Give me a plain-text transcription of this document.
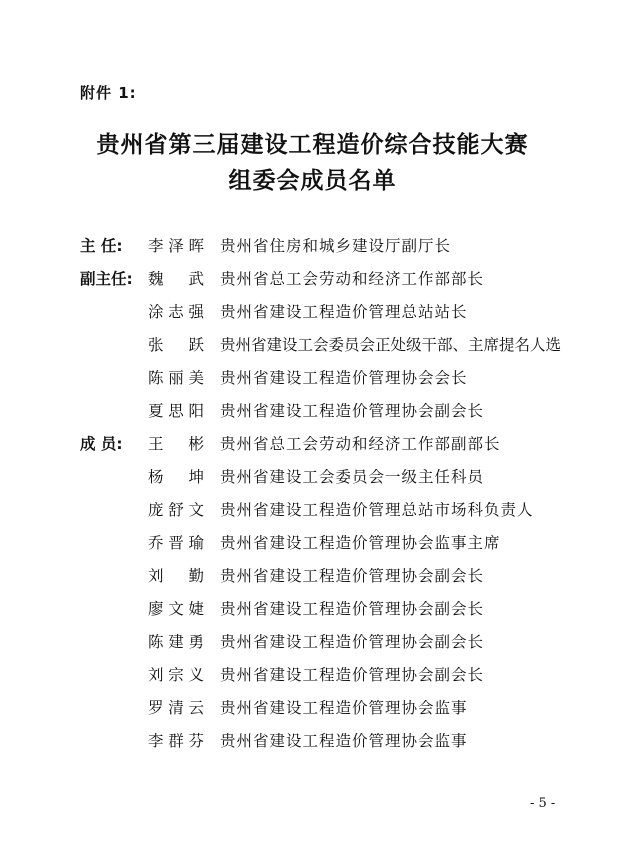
附件 1:
贵州省第三届建设工程造价综合技能大赛
组委会成员名单
主 任:	李 泽 晖 贵州省住房和城乡建设厅副厅长
副主任: 魏 武 贵州省总工会劳动和经济工作部部长
涂 志 强 贵州省建设工程造价管理总站站长
张 跃 贵州省建设工会委员会正处级干部、主席提名人选
陈 丽 美 贵州省建设工程造价管理协会会长
夏 思 阳 贵州省建设工程造价管理协会副会长
成 员:	王 彬 贵州省总工会劳动和经济工作部副部长
杨 坤 贵州省建设工会委员会一级主任科员
庞 舒 文 贵州省建设工程造价管理总站市场科负责人
乔 晋 瑜 贵州省建设工程造价管理协会监事主席
刘 勤 贵州省建设工程造价管理协会副会长
廖 文 婕 贵州省建设工程造价管理协会副会长
陈 建 勇 贵州省建设工程造价管理协会副会长
刘 宗 义 贵州省建设工程造价管理协会副会长
罗 清 云 贵州省建设工程造价管理协会监事
李 群 芬 贵州省建设工程造价管理协会监事
- 5 -
